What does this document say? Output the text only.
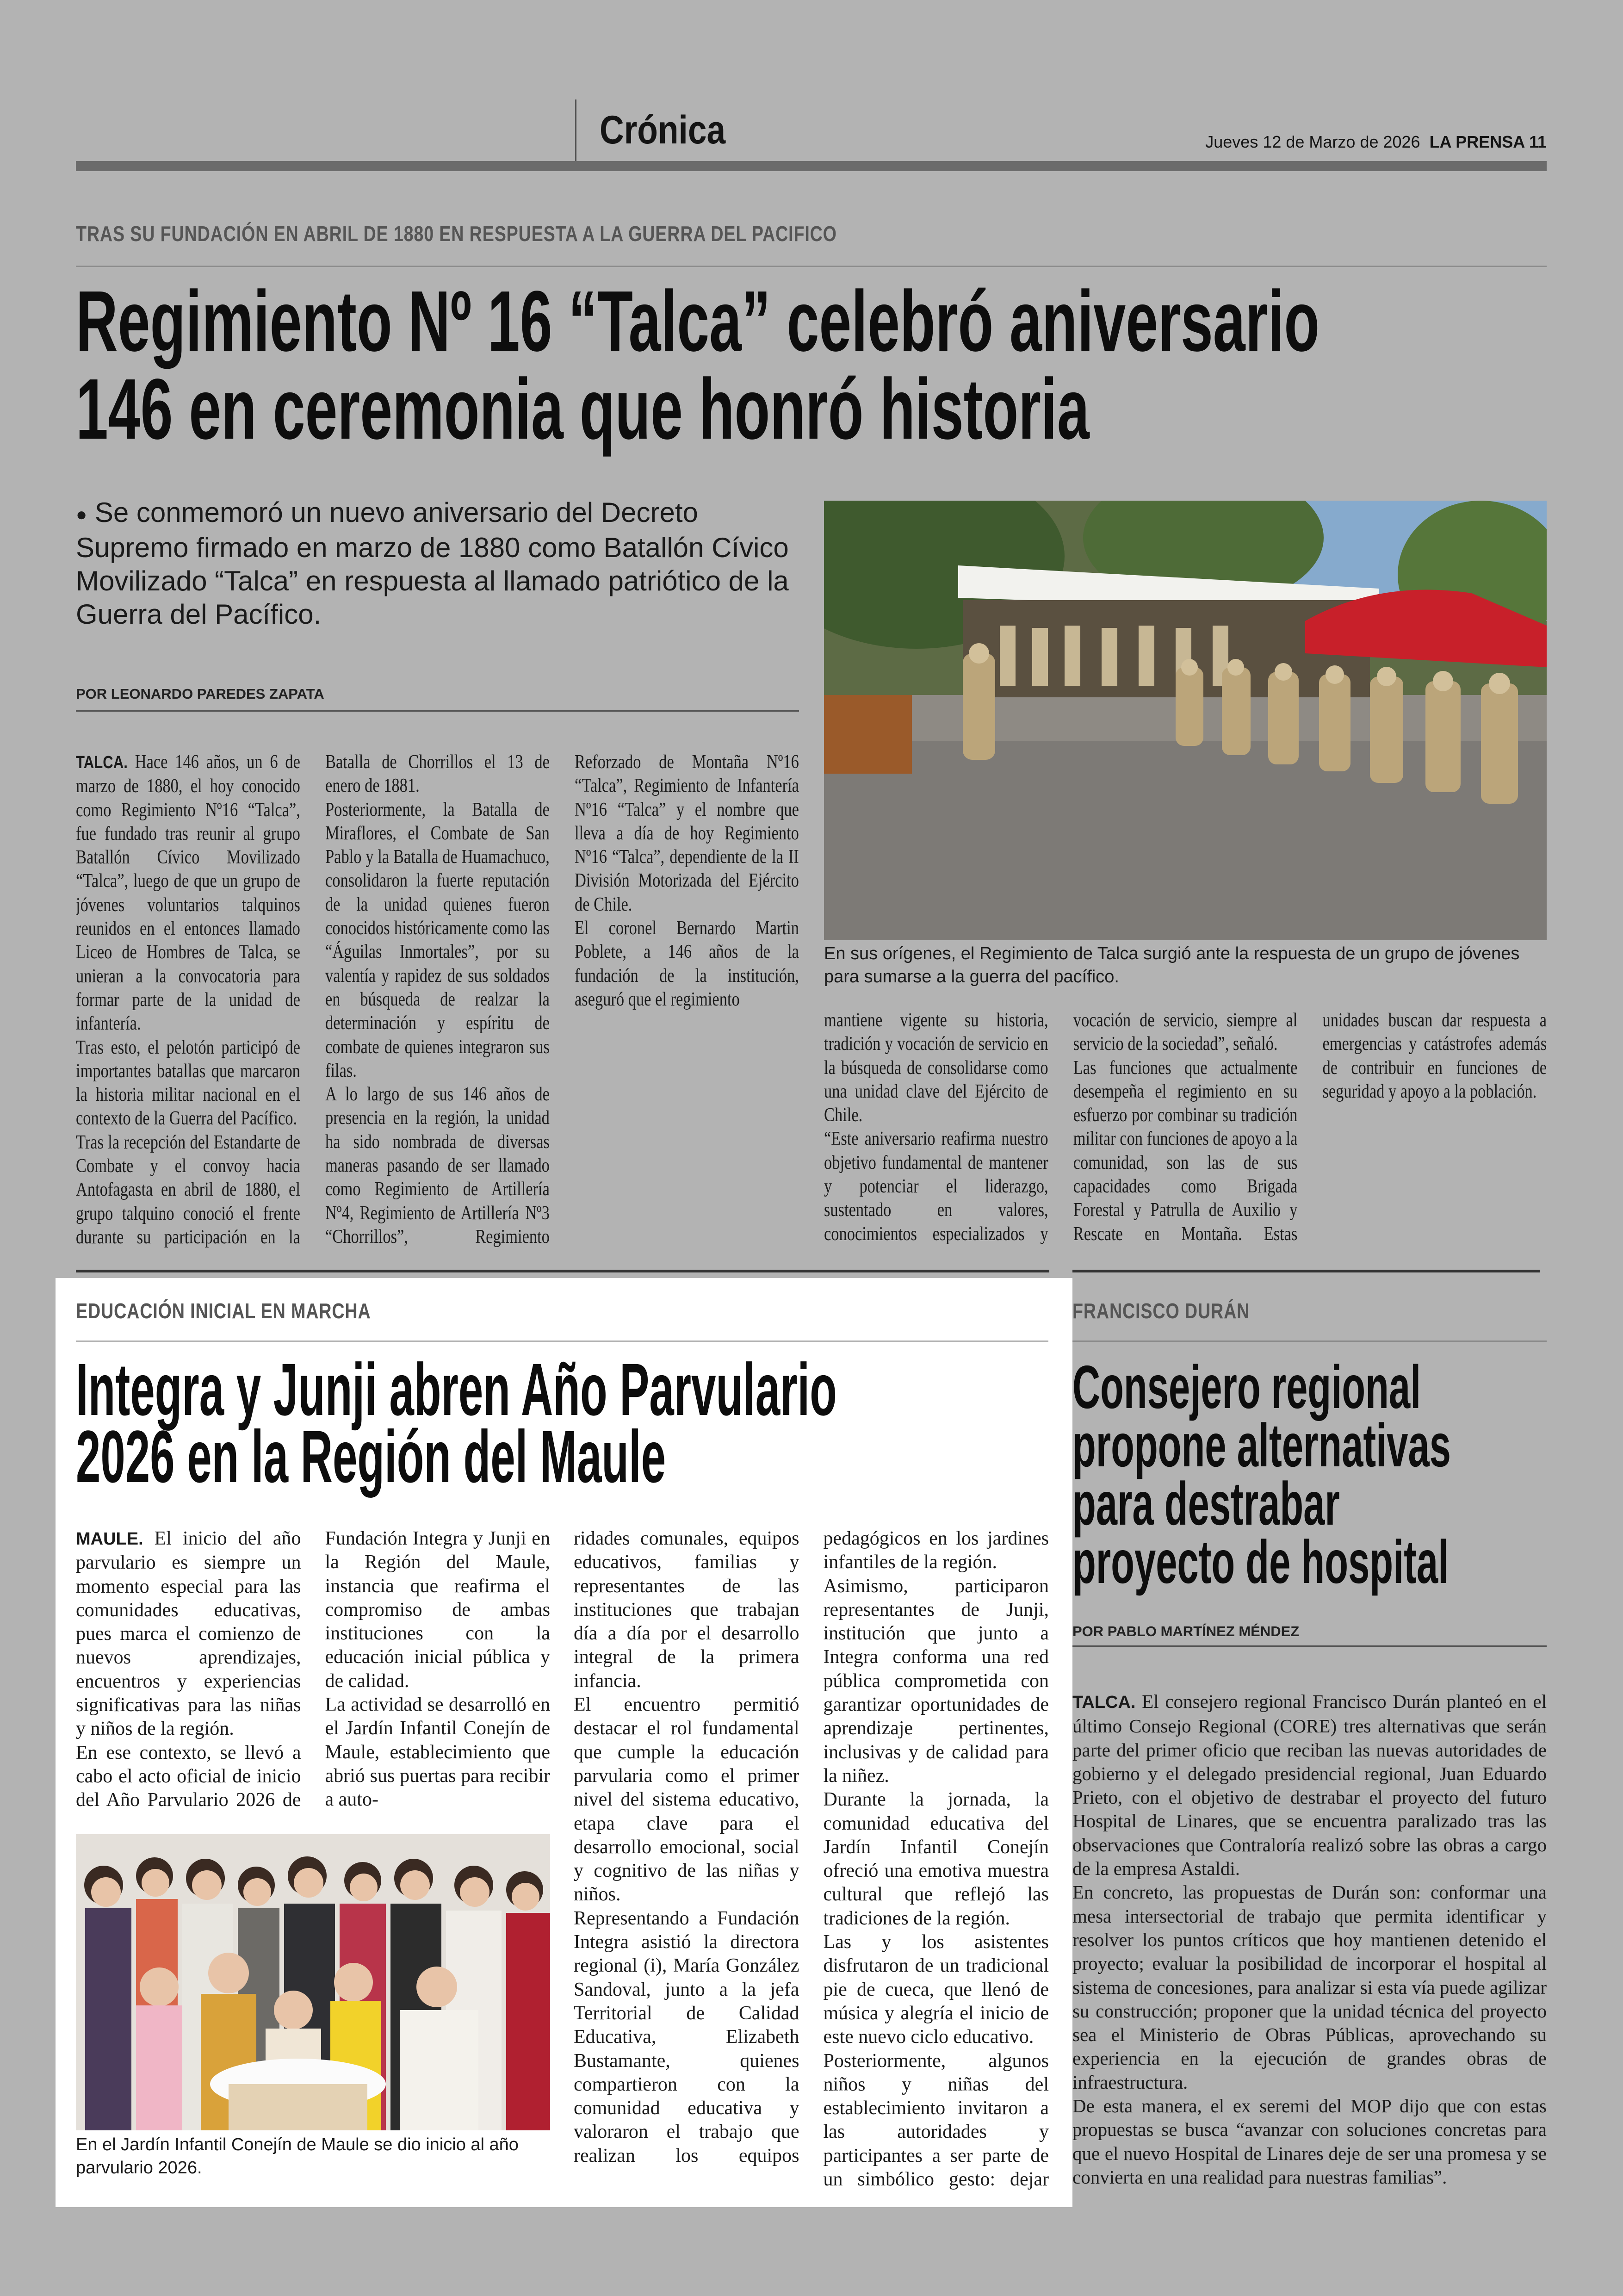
Crónica	Jueves 12 de Marzo de 2026 LA PRENSA 11
TRAS SU FUNDACIÓN EN ABRIL DE 1880 EN RESPUESTA A LA GUERRA DEL PACIFICO
Regimiento Nº 16 “Talca” celebró aniversario
146 en ceremonia que honró historia
● Se conmemoró un nuevo aniversario del Decreto Supremo firmado en marzo de 1880 como Batallón Cívico Movilizado “Talca” en respuesta al llamado patriótico de la Guerra del Pacífico.
POR LEONARDO PAREDES ZAPATA
En sus orígenes, el Regimiento de Talca surgió ante la respuesta de un grupo de jóvenes para sumarse a la guerra del pacífico.

TALCA. Hace 146 años, un 6 de marzo de 1880, el hoy conocido como Regimiento Nº16 “Talca”, fue fundado tras reunir al grupo Batallón Cívico Movilizado “Talca”, luego de que un grupo de jóvenes voluntarios talquinos reunidos en el entonces llamado Liceo de Hombres de Talca, se unieran a la convocatoria para formar parte de la unidad de infantería.

Tras esto, el pelotón participó de importantes batallas que marcaron la historia militar nacional en el contexto de la Guerra del Pacífico.

Tras la recepción del Estandarte de Combate y el convoy hacia Antofagasta en abril de 1880, el grupo talquino conoció el frente durante su participación en la Batalla de Chorrillos el 13 de enero de 1881.

Posteriormente, la Batalla de Miraflores, el Combate de San Pablo y la Batalla de Huamachuco, consolidaron la fuerte reputación de la unidad quienes fueron conocidos históricamente como las “Águilas Inmortales”, por su valentía y rapidez de sus soldados en búsqueda de realzar la determinación y espíritu de combate de quienes integraron sus filas.

A lo largo de sus 146 años de presencia en la región, la unidad ha sido nombrada de diversas maneras pasando de ser llamado como Regimiento de Artillería Nº4, Regimiento de Artillería Nº3 “Chorrillos”, Regimiento Reforzado de Montaña Nº16 “Talca”, Regimiento de Infantería Nº16 “Talca” y el nombre que lleva a día de hoy Regimiento Nº16 “Talca”, dependiente de la II División Motorizada del Ejército de Chile.

El coronel Bernardo Martin Poblete, a 146 años de la fundación de la institución, aseguró que el regimiento

mantiene vigente su historia, tradición y vocación de servicio en la búsqueda de consolidarse como una unidad clave del Ejército de Chile.

“Este aniversario reafirma nuestro objetivo fundamental de mantener y potenciar el liderazgo, sustentado en valores, conocimientos especializados y vocación de servicio, siempre al servicio de la sociedad”, señaló.

Las funciones que actualmente desempeña el regimiento en su esfuerzo por combinar su tradición militar con funciones de apoyo a la comunidad, son las de sus capacidades como Brigada Forestal y Patrulla de Auxilio y Rescate en Montaña. Estas unidades buscan dar respuesta a emergencias y catástrofes además de contribuir en funciones de seguridad y apoyo a la población.

EDUCACIÓN INICIAL EN MARCHA
Integra y Junji abren Año Parvulario
2026 en la Región del Maule

MAULE. El inicio del año parvulario es siempre un momento especial para las comunidades educativas, pues marca el comienzo de nuevos aprendizajes, encuentros y experiencias significativas para las niñas y niños de la región.

En ese contexto, se llevó a cabo el acto oficial de inicio del Año Parvulario 2026 de Fundación Integra y Junji en la Región del Maule, instancia que reafirma el compromiso de ambas instituciones con la educación inicial pública y de calidad.

La actividad se desarrolló en el Jardín Infantil Conejín de Maule, establecimiento que abrió sus puertas para recibir a auto-

En el Jardín Infantil Conejín de Maule se dio inicio al año parvulario 2026.

ridades comunales, equipos educativos, familias y representantes de las instituciones que trabajan día a día por el desarrollo integral de la primera infancia.

El encuentro permitió destacar el rol fundamental que cumple la educación parvularia como el primer nivel del sistema educativo, etapa clave para el desarrollo emocional, social y cognitivo de las niñas y niños.

Representando a Fundación Integra asistió la directora regional (i), María González Sandoval, junto a la jefa Territorial de Calidad Educativa, Elizabeth Bustamante, quienes compartieron con la comunidad educativa y valoraron el trabajo que realizan los equipos pedagógicos en los jardines infantiles de la región.

Asimismo, participaron representantes de Junji, institución que junto a Integra conforma una red pública comprometida con garantizar oportunidades de aprendizaje pertinentes, inclusivas y de calidad para la niñez.

Durante la jornada, la comunidad educativa del Jardín Infantil Conejín ofreció una emotiva muestra cultural que reflejó las tradiciones de la región.

Las y los asistentes disfrutaron de un tradicional pie de cueca, que llenó de música y alegría el inicio de este nuevo ciclo educativo.

Posteriormente, algunos niños y niñas del establecimiento invitaron a las autoridades y participantes a ser parte de un simbólico gesto: dejar

FRANCISCO DURÁN
Consejero regional
propone alternativas
para destrabar
proyecto de hospital
POR PABLO MARTÍNEZ MÉNDEZ

TALCA. El consejero regional Francisco Durán planteó en el último Consejo Regional (CORE) tres alternativas que serán parte del primer oficio que reciban las nuevas autoridades de gobierno y el delegado presidencial regional, Juan Eduardo Prieto, con el objetivo de destrabar el proyecto del futuro Hospital de Linares, que se encuentra paralizado tras las observaciones que Contraloría realizó sobre las obras a cargo de la empresa Astaldi.

En concreto, las propuestas de Durán son: conformar una mesa intersectorial de trabajo que permita identificar y resolver los puntos críticos que hoy mantienen detenido el proyecto; evaluar la posibilidad de incorporar el hospital al sistema de concesiones, para analizar si esta vía puede agilizar su construcción; proponer que la unidad técnica del proyecto sea el Ministerio de Obras Públicas, aprovechando su experiencia en la ejecución de grandes obras de infraestructura.

De esta manera, el ex seremi del MOP dijo que con estas propuestas se busca “avanzar con soluciones concretas para que el nuevo Hospital de Linares deje de ser una promesa y se convierta en una realidad para nuestras familias”.
